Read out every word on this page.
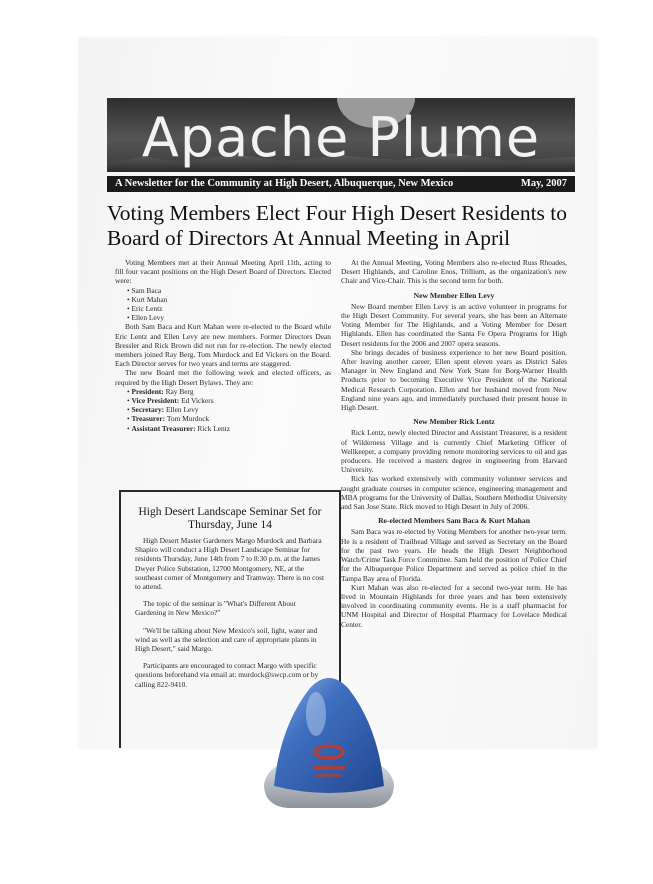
Apache Plume
A Newsletter for the Community at High Desert, Albuquerque, New Mexico	May, 2007
Voting Members Elect Four High Desert Residents to Board of Directors At Annual Meeting in April

Voting Members met at their Annual Meeting April 11th, acting to fill four vacant positions on the High Desert Board of Directors. Elected were:

• Sam Baca
• Kurt Mahan
• Eric Lentz
• Ellen Levy

Both Sam Baca and Kurt Mahan were re-elected to the Board while Eric Lentz and Ellen Levy are new members. Former Directors Dean Bressler and Rick Brown did not run for re-election. The newly elected members joined Ray Berg, Tom Murdock and Ed Vickers on the Board. Each Director serves for two years and terms are staggered.

The new Board met the following week and elected officers, as required by the High Desert Bylaws. They are:

• President: Ray Berg
• Vice President: Ed Vickers
• Secretary: Ellen Levy
• Treasurer: Tom Murdock
• Assistant Treasurer: Rick Lentz
High Desert Landscape Seminar Set for Thursday, June 14

High Desert Master Gardeners Margo Murdock and Barbara Shapiro will conduct a High Desert Landscape Seminar for residents Thursday, June 14th from 7 to 8:30 p.m. at the James Dwyer Police Substation, 12700 Montgomery, NE, at the southeast corner of Montgomery and Tramway. There is no cost to attend.

The topic of the seminar is "What's Different About Gardening in New Mexico?"

"We'll be talking about New Mexico's soil, light, water and wind as well as the selection and care of appropriate plants in High Desert," said Margo.

Participants are encouraged to contact Margo with specific questions beforehand via email at: murdock@swcp.com or by calling 822-9410.

At the Annual Meeting, Voting Members also re-elected Russ Rhoades, Desert Highlands, and Caroline Enos, Trillium, as the organization's new Chair and Vice-Chair. This is the second term for both.

New Member Ellen Levy

New Board member Ellen Levy is an active volunteer in programs for the High Desert Community. For several years, she has been an Alternate Voting Member for The Highlands, and a Voting Member for Desert Highlands. Ellen has coordinated the Santa Fe Opera Programs for High Desert residents for the 2006 and 2007 opera seasons.

She brings decades of business experience to her new Board position. After leaving another career, Ellen spent eleven years as District Sales Manager in New England and New York State for Borg-Warner Health Products prior to becoming Executive Vice President of the National Medical Research Corporation. Ellen and her husband moved from New England nine years ago, and immediately purchased their present house in High Desert.

New Member Rick Lentz

Rick Lentz, newly elected Director and Assistant Treasurer, is a resident of Wilderness Village and is currently Chief Marketing Officer of Wellkeeper, a company providing remote monitoring services to oil and gas producers. He received a masters degree in engineering from Harvard University.

Rick has worked extensively with community volunteer services and taught graduate courses in computer science, engineering management and MBA programs for the University of Dallas, Southern Methodist University and San Jose State. Rick moved to High Desert in July of 2006.

Re-elected Members Sam Baca & Kurt Mahan

Sam Baca was re-elected by Voting Members for another two-year term. He is a resident of Trailhead Village and served as Secretary on the Board for the past two years. He heads the High Desert Neighborhood Watch/Crime Task Force Committee. Sam held the position of Police Chief for the Albuquerque Police Department and served as police chief in the Tampa Bay area of Florida.

Kurt Mahan was also re-elected for a second two-year term. He has lived in Mountain Highlands for three years and has been extensively involved in coordinating community events. He is a staff pharmacist for UNM Hospital and Director of Hospital Pharmacy for Lovelace Medical Center.
